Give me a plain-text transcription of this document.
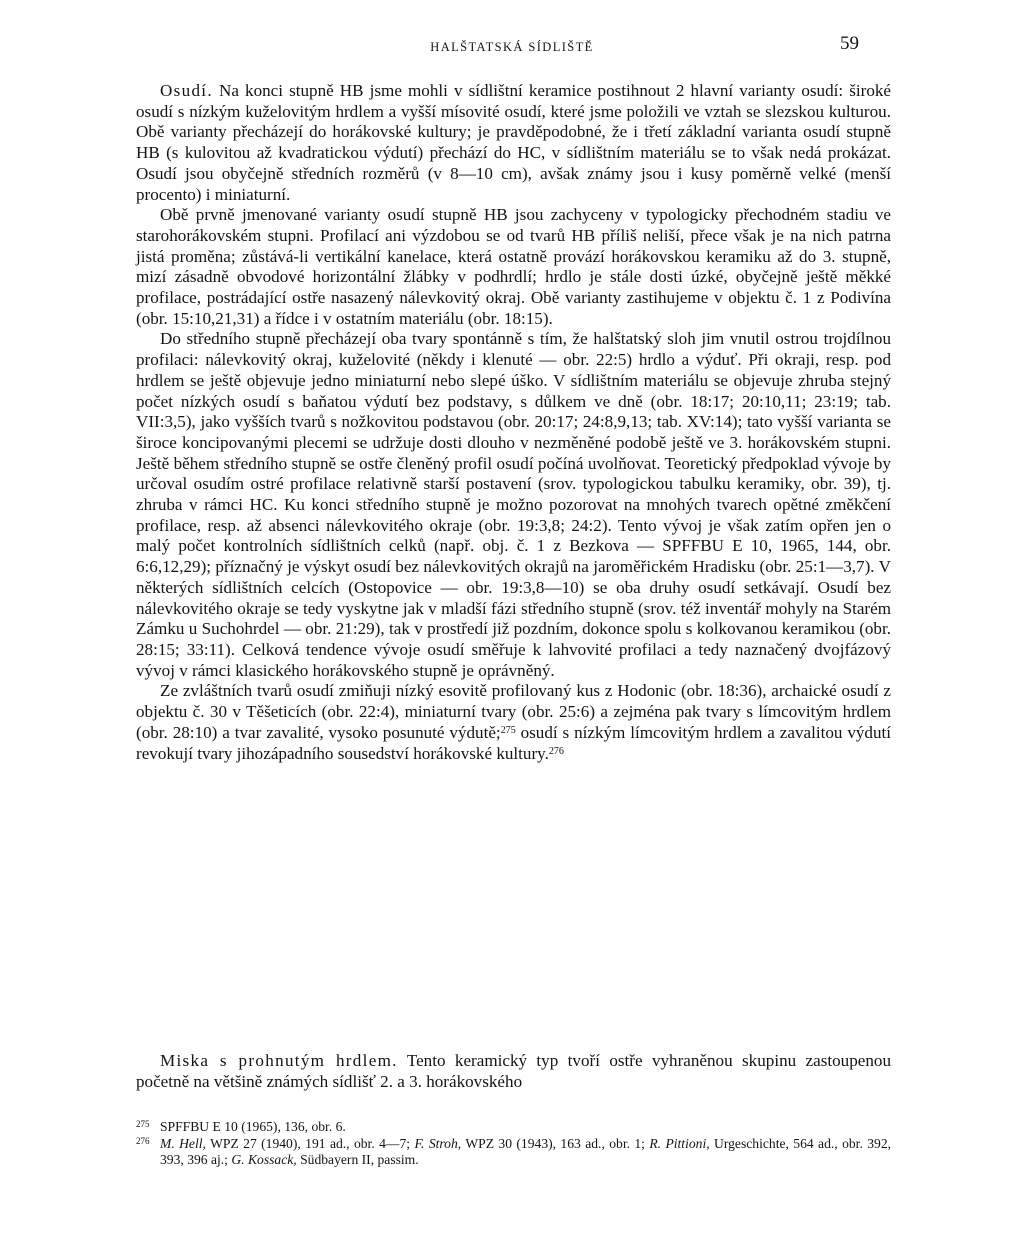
HALŠTATSKÁ SÍDLIŠTĚ	59

Osudí. Na konci stupně HB jsme mohli v sídlištní keramice postihnout 2 hlavní varianty osudí: široké osudí s nízkým kuželovitým hrdlem a vyšší mísovité osudí, které jsme položili ve vztah se slezskou kulturou. Obě varianty přecházejí do horákovské kultury; je pravděpodobné, že i třetí základní varianta osudí stupně HB (s kulovitou až kvadratickou výdutí) přechází do HC, v sídlištním materiálu se to však nedá prokázat. Osudí jsou obyčejně středních rozměrů (v 8—10 cm), avšak známy jsou i kusy poměrně velké (menší procento) i miniaturní.

Obě prvně jmenované varianty osudí stupně HB jsou zachyceny v typologicky přechodném stadiu ve starohorákovském stupni. Profilací ani výzdobou se od tvarů HB příliš neliší, přece však je na nich patrna jistá proměna; zůstává-li vertikální kanelace, která ostatně provází horákovskou keramiku až do 3. stupně, mizí zásadně obvodové horizontální žlábky v podhrdlí; hrdlo je stále dosti úzké, obyčejně ještě měkké profilace, postrádající ostře nasazený nálevkovitý okraj. Obě varianty zastihujeme v objektu č. 1 z Podivína (obr. 15:10,21,31) a řídce i v ostatním materiálu (obr. 18:15).

Do středního stupně přecházejí oba tvary spontánně s tím, že halštatský sloh jim vnutil ostrou trojdílnou profilaci: nálevkovitý okraj, kuželovité (někdy i klenuté — obr. 22:5) hrdlo a výduť. Při okraji, resp. pod hrdlem se ještě objevuje jedno miniaturní nebo slepé úško. V sídlištním materiálu se objevuje zhruba stejný počet nízkých osudí s baňatou výdutí bez podstavy, s důlkem ve dně (obr. 18:17; 20:10,11; 23:19; tab. VII:3,5), jako vyšších tvarů s nožkovitou podstavou (obr. 20:17; 24:8,9,13; tab. XV:14); tato vyšší varianta se široce koncipovanými plecemi se udržuje dosti dlouho v nezměněné podobě ještě ve 3. horákovském stupni. Ještě během středního stupně se ostře členěný profil osudí počíná uvolňovat. Teoretický předpoklad vývoje by určoval osudím ostré profilace relativně starší postavení (srov. typologickou tabulku keramiky, obr. 39), tj. zhruba v rámci HC. Ku konci středního stupně je možno pozorovat na mnohých tvarech opětné změkčení profilace, resp. až absenci nálevkovitého okraje (obr. 19:3,8; 24:2). Tento vývoj je však zatím opřen jen o malý počet kontrolních sídlištních celků (např. obj. č. 1 z Bezkova — SPFFBU E 10, 1965, 144, obr. 6:6,12,29); příznačný je výskyt osudí bez nálevkovitých okrajů na jaroměřickém Hradisku (obr. 25:1—3,7). V některých sídlištních celcích (Ostopovice — obr. 19:3,8—10) se oba druhy osudí setkávají. Osudí bez nálevkovitého okraje se tedy vyskytne jak v mladší fázi středního stupně (srov. též inventář mohyly na Starém Zámku u Suchohrdel — obr. 21:29), tak v prostředí již pozdním, dokonce spolu s kolkovanou keramikou (obr. 28:15; 33:11). Celková tendence vývoje osudí směřuje k lahvovité profilaci a tedy naznačený dvojfázový vývoj v rámci klasického horákovského stupně je oprávněný.

Ze zvláštních tvarů osudí zmiňuji nízký esovitě profilovaný kus z Hodonic (obr. 18:36), archaické osudí z objektu č. 30 v Těšeticích (obr. 22:4), miniaturní tvary (obr. 25:6) a zejména pak tvary s límcovitým hrdlem (obr. 28:10) a tvar zavalité, vysoko posunuté výdutě;$^{275}$ osudí s nízkým límcovitým hrdlem a zavalitou výdutí revokují tvary jihozápadního sousedství horákovské kultury.$^{276}$

Miska s prohnutým hrdlem. Tento keramický typ tvoří ostře vyhraněnou skupinu zastoupenou početně na většině známých sídlišť 2. a 3. horákovského

275 SPFFBU E 10 (1965), 136, obr. 6.
276 M. Hell, WPZ 27 (1940), 191 ad., obr. 4—7; F. Stroh, WPZ 30 (1943), 163 ad., obr. 1; R. Pittioni, Urgeschichte, 564 ad., obr. 392, 393, 396 aj.; G. Kossack, Südbayern II, passim.
